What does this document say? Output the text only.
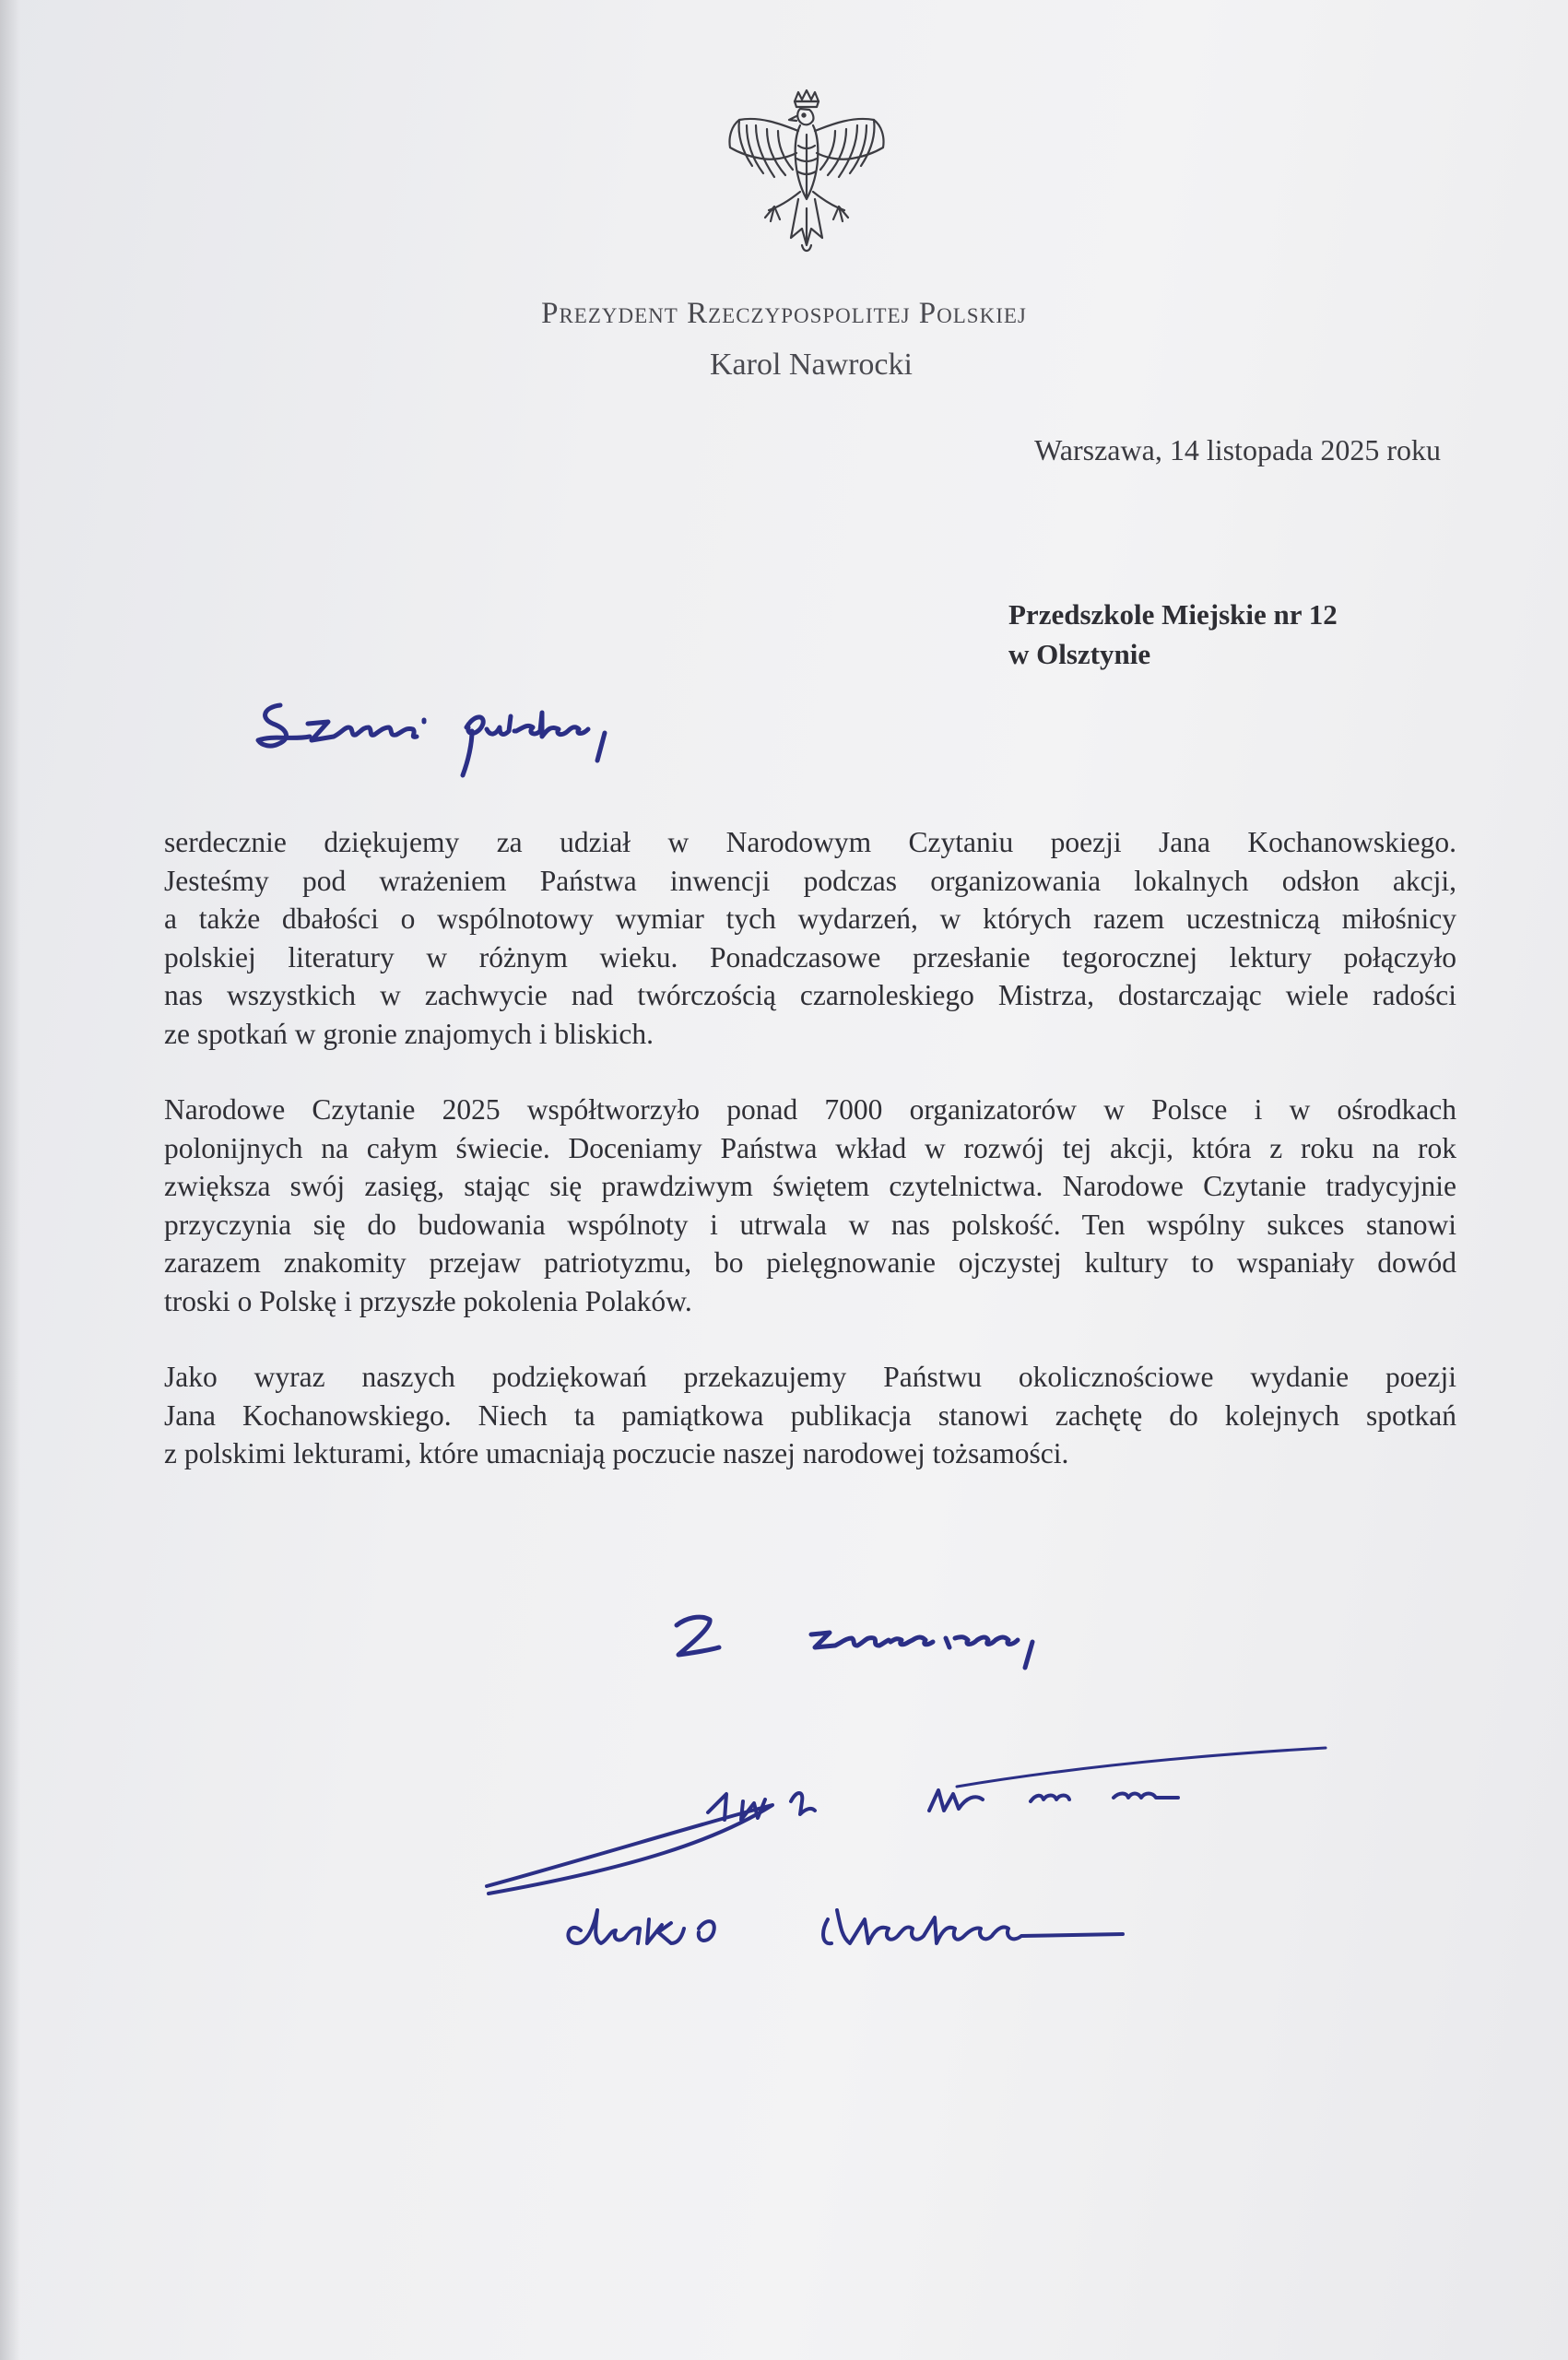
Prezydent Rzeczypospolitej Polskiej
Karol Nawrocki
Warszawa, 14 listopada 2025 roku
Przedszkole Miejskie nr 12
w Olsztynie
serdecznie dziękujemy za udział w Narodowym Czytaniu poezji Jana Kochanowskiego.
Jesteśmy pod wrażeniem Państwa inwencji podczas organizowania lokalnych odsłon akcji,
a także dbałości o wspólnotowy wymiar tych wydarzeń, w których razem uczestniczą miłośnicy
polskiej literatury w różnym wieku. Ponadczasowe przesłanie tegorocznej lektury połączyło
nas wszystkich w zachwycie nad twórczością czarnoleskiego Mistrza, dostarczając wiele radości
ze spotkań w gronie znajomych i bliskich.
Narodowe Czytanie 2025 współtworzyło ponad 7000 organizatorów w Polsce i w ośrodkach
polonijnych na całym świecie. Doceniamy Państwa wkład w rozwój tej akcji, która z roku na rok
zwiększa swój zasięg, stając się prawdziwym świętem czytelnictwa. Narodowe Czytanie tradycyjnie
przyczynia się do budowania wspólnoty i utrwala w nas polskość. Ten wspólny sukces stanowi
zarazem znakomity przejaw patriotyzmu, bo pielęgnowanie ojczystej kultury to wspaniały dowód
troski o Polskę i przyszłe pokolenia Polaków.
Jako wyraz naszych podziękowań przekazujemy Państwu okolicznościowe wydanie poezji
Jana Kochanowskiego. Niech ta pamiątkowa publikacja stanowi zachętę do kolejnych spotkań
z polskimi lekturami, które umacniają poczucie naszej narodowej tożsamości.
